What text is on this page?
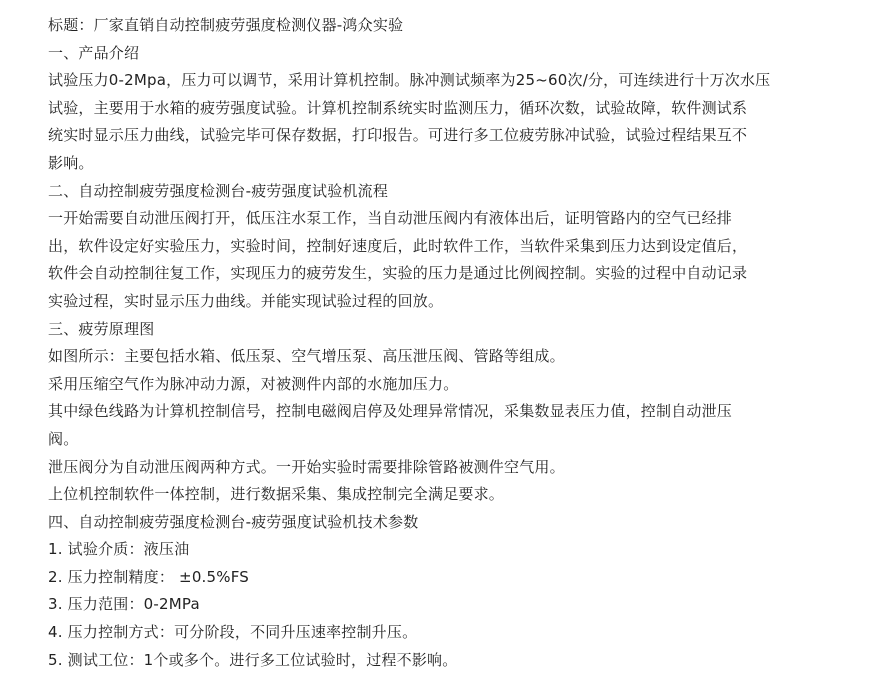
标题：厂家直销自动控制疲劳强度检测仪器-鸿众实验
一、产品介绍
试验压力0-2Mpa，压力可以调节，采用计算机控制。脉冲测试频率为25~60次/分，可连续进行十万次水压
试验，主要用于水箱的疲劳强度试验。计算机控制系统实时监测压力，循环次数，试验故障，软件测试系
统实时显示压力曲线，试验完毕可保存数据，打印报告。可进行多工位疲劳脉冲试验，试验过程结果互不
影响。
二、自动控制疲劳强度检测台-疲劳强度试验机流程
一开始需要自动泄压阀打开，低压注水泵工作，当自动泄压阀内有液体出后，证明管路内的空气已经排
出，软件设定好实验压力，实验时间，控制好速度后，此时软件工作，当软件采集到压力达到设定值后，
软件会自动控制往复工作，实现压力的疲劳发生，实验的压力是通过比例阀控制。实验的过程中自动记录
实验过程，实时显示压力曲线。并能实现试验过程的回放。
三、疲劳原理图
如图所示：主要包括水箱、低压泵、空气增压泵、高压泄压阀、管路等组成。
采用压缩空气作为脉冲动力源，对被测件内部的水施加压力。
其中绿色线路为计算机控制信号，控制电磁阀启停及处理异常情况，采集数显表压力值，控制自动泄压
阀。
泄压阀分为自动泄压阀两种方式。一开始实验时需要排除管路被测件空气用。
上位机控制软件一体控制，进行数据采集、集成控制完全满足要求。
四、自动控制疲劳强度检测台-疲劳强度试验机技术参数
1. 试验介质：液压油
2. 压力控制精度： ±0.5%FS
3. 压力范围：0-2MPa
4. 压力控制方式：可分阶段，不同升压速率控制升压。
5. 测试工位：1个或多个。进行多工位试验时，过程不影响。
